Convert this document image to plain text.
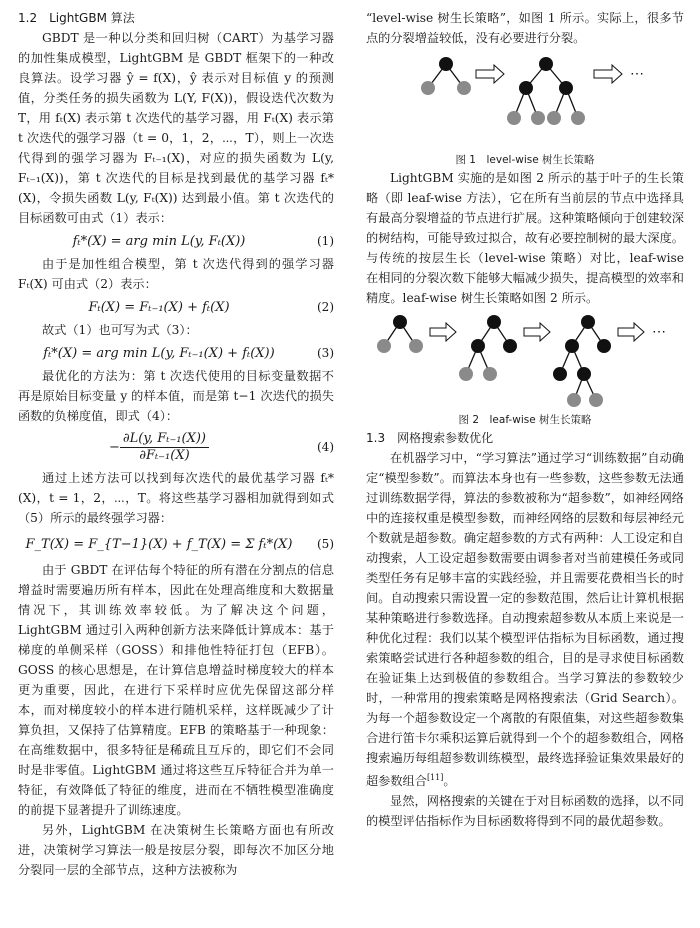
1.2　LightGBM 算法

GBDT 是一种以分类和回归树（CART）为基学习器的加性集成模型，LightGBM 是 GBDT 框架下的一种改良算法。设学习器 ŷ = f(X)，ŷ 表示对目标值 y 的预测值，分类任务的损失函数为 L(Y, F(X))，假设迭代次数为 T，用 fₜ(X) 表示第 t 次迭代的基学习器，用 Fₜ(X) 表示第 t 次迭代的强学习器（t = 0，1，2，⋯，T），则上一次迭代得到的强学习器为 Fₜ₋₁(X)，对应的损失函数为 L(y, Fₜ₋₁(X))，第 t 次迭代的目标是找到最优的基学习器 fₜ*(X)，令损失函数 L(y, Fₜ(X)) 达到最小值。第 t 次迭代的目标函数可由式（1）表示：

fₜ*(X) = arg min L(y, Fₜ(X))	(1)

由于是加性组合模型，第 t 次迭代得到的强学习器 Fₜ(X) 可由式（2）表示：

Fₜ(X) = Fₜ₋₁(X) + fₜ(X)	(2)

故式（1）也可写为式（3）：

fₜ*(X) = arg min L(y, Fₜ₋₁(X) + fₜ(X))	(3)

最优化的方法为：第 t 次迭代使用的目标变量数据不再是原始目标变量 y 的样本值，而是第 t−1 次迭代的损失函数的负梯度值，即式（4）：

− $\frac{\text{∂L(y, Fₜ₋₁(X))}}{\text{∂Fₜ₋₁(X)}}$	(4)

通过上述方法可以找到每次迭代的最优基学习器 fₜ*(X)，t = 1，2，⋯，T。将这些基学习器相加就得到如式（5）所示的最终强学习器：

F_T(X) = F_{T−1}(X) + f_T(X) = Σ fₜ*(X)	(5)

由于 GBDT 在评估每个特征的所有潜在分割点的信息增益时需要遍历所有样本，因此在处理高维度和大数据量情况下，其训练效率较低。为了解决这个问题，LightGBM 通过引入两种创新方法来降低计算成本：基于梯度的单侧采样（GOSS）和排他性特征打包（EFB）。GOSS 的核心思想是，在计算信息增益时梯度较大的样本更为重要，因此，在进行下采样时应优先保留这部分样本，而对梯度较小的样本进行随机采样，这样既减少了计算负担，又保持了估算精度。EFB 的策略基于一种现象：在高维数据中，很多特征是稀疏且互斥的，即它们不会同时是非零值。LightGBM 通过将这些互斥特征合并为单一特征，有效降低了特征的维度，进而在不牺牲模型准确度的前提下显著提升了训练速度。

另外，LightGBM 在决策树生长策略方面也有所改进，决策树学习算法一般是按层分裂，即每次不加区分地分裂同一层的全部节点，这种方法被称为

“level-wise 树生长策略”，如图 1 所示。实际上，很多节点的分裂增益较低，没有必要进行分裂。

⋯
图 1　level-wise 树生长策略

LightGBM 实施的是如图 2 所示的基于叶子的生长策略（即 leaf-wise 方法），它在所有当前层的节点中选择具有最高分裂增益的节点进行扩展。这种策略倾向于创建较深的树结构，可能导致过拟合，故有必要控制树的最大深度。与传统的按层生长（level-wise 策略）对比，leaf-wise 在相同的分裂次数下能够大幅减少损失，提高模型的效率和精度。leaf-wise 树生长策略如图 2 所示。

⋯
图 2　leaf-wise 树生长策略
1.3　网格搜索参数优化

在机器学习中，“学习算法”通过学习“训练数据”自动确定“模型参数”。而算法本身也有一些参数，这些参数无法通过训练数据学得，算法的参数被称为“超参数”，如神经网络中的连接权重是模型参数，而神经网络的层数和每层神经元个数就是超参数。确定超参数的方式有两种：人工设定和自动搜索，人工设定超参数需要由调参者对当前建模任务或同类型任务有足够丰富的实践经验，并且需要花费相当长的时间。自动搜索只需设置一定的参数范围，然后让计算机根据某种策略进行参数选择。自动搜索超参数从本质上来说是一种优化过程：我们以某个模型评估指标为目标函数，通过搜索策略尝试进行各种超参数的组合，目的是寻求使目标函数在验证集上达到极值的参数组合。当学习算法的参数较少时，一种常用的搜索策略是网格搜索法（Grid Search）。为每一个超参数设定一个离散的有限值集，对这些超参数集合进行笛卡尔乘积运算后就得到一个个的超参数组合，网格搜索遍历每组超参数训练模型，最终选择验证集效果最好的超参数组合[11]。

显然，网格搜索的关键在于对目标函数的选择，以不同的模型评估指标作为目标函数将得到不同的最优超参数。
